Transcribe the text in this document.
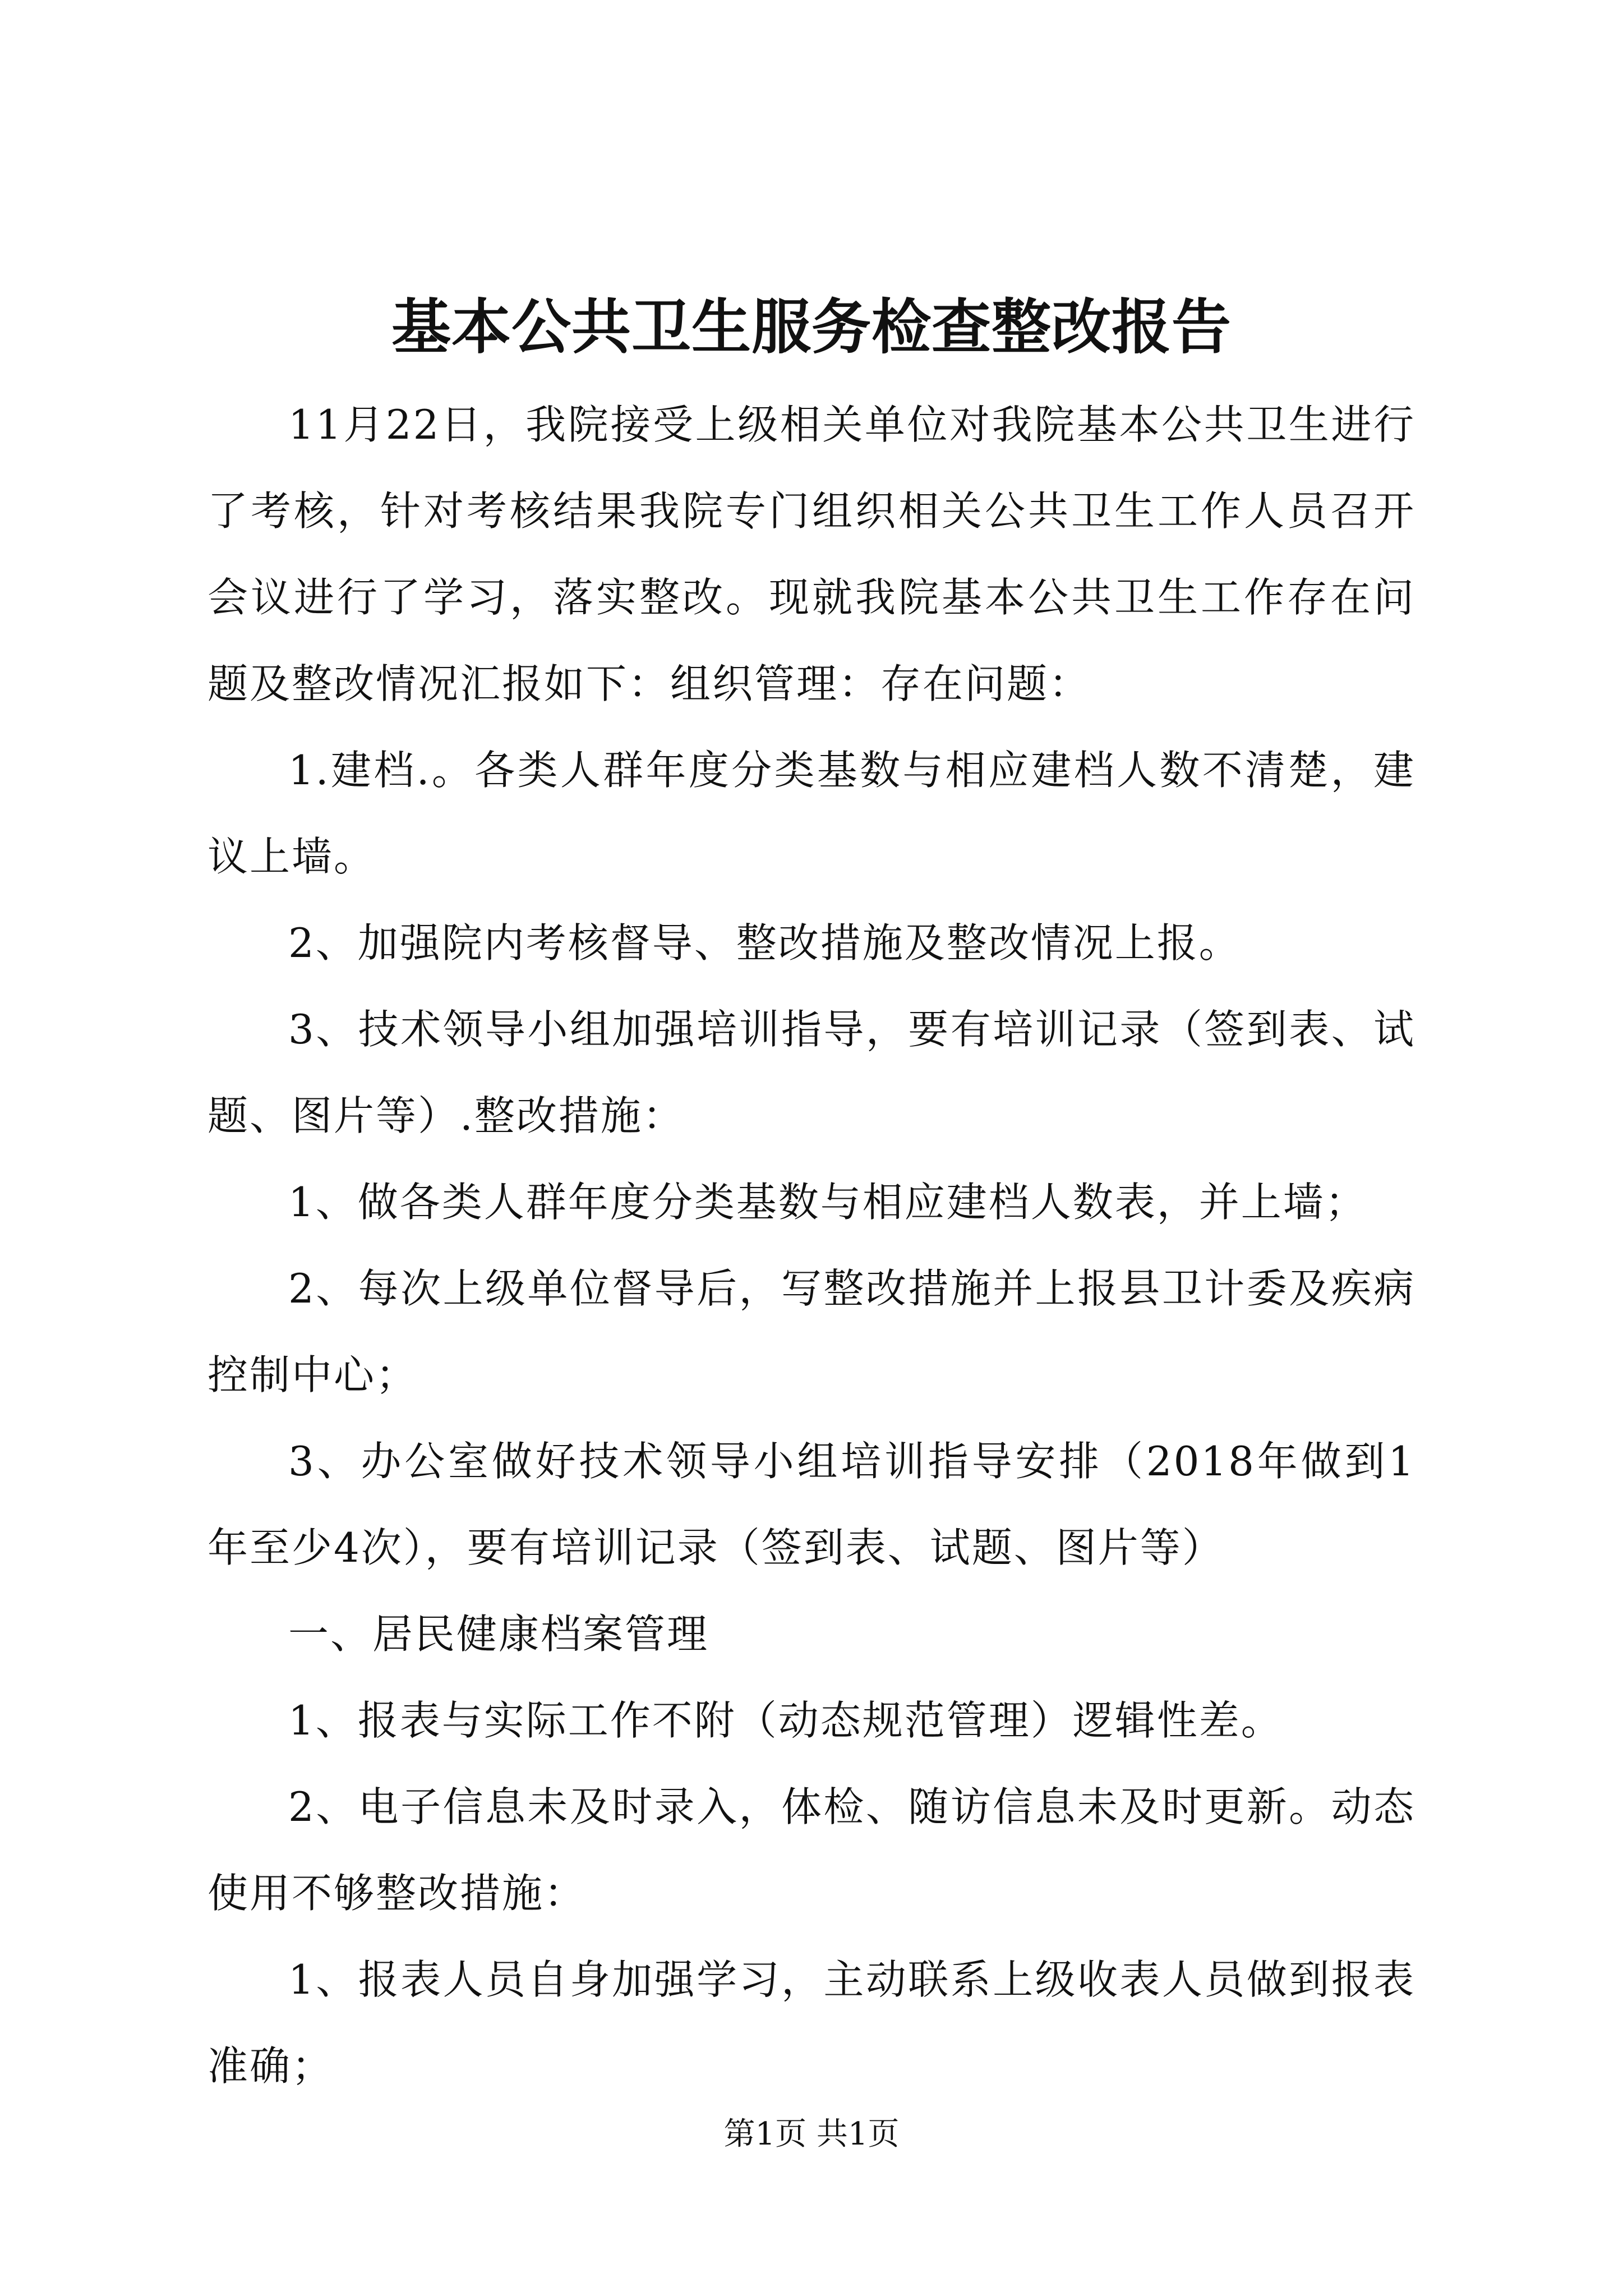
基本公共卫生服务检查整改报告

11月22日，我院接受上级相关单位对我院基本公共卫生进行了考核，针对考核结果我院专门组织相关公共卫生工作人员召开会议进行了学习，落实整改。现就我院基本公共卫生工作存在问题及整改情况汇报如下：组织管理：存在问题：

1.建档.。各类人群年度分类基数与相应建档人数不清楚，建议上墙。

2、加强院内考核督导、整改措施及整改情况上报。

3、技术领导小组加强培训指导，要有培训记录（签到表、试题、图片等）.整改措施：

1、做各类人群年度分类基数与相应建档人数表，并上墙；

2、每次上级单位督导后，写整改措施并上报县卫计委及疾病控制中心；

3、办公室做好技术领导小组培训指导安排（2018年做到1年至少4次），要有培训记录（签到表、试题、图片等）

一、居民健康档案管理

1、报表与实际工作不附（动态规范管理）逻辑性差。

2、电子信息未及时录入，体检、随访信息未及时更新。动态使用不够整改措施：

1、报表人员自身加强学习，主动联系上级收表人员做到报表准确；

第1页 共1页
